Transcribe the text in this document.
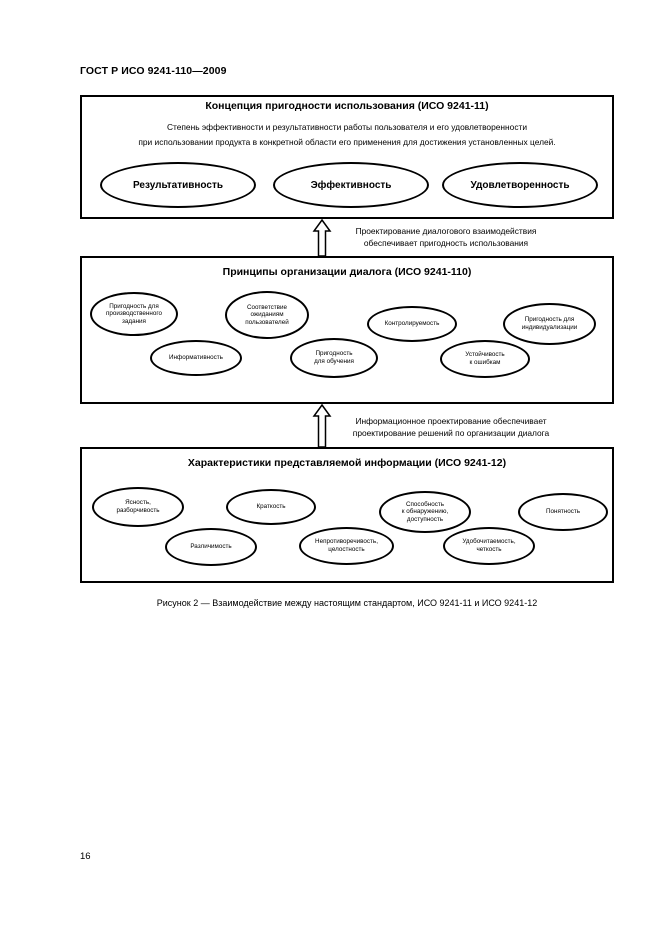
ГОСТ Р ИСО 9241-110—2009
Концепция пригодности использования (ИСО 9241-11)
Степень эффективности и результативности работы пользователя и его удовлетворенности
при использовании продукта в конкретной области его применения для достижения установленных целей.
Результативность	Эффективность	Удовлетворенность
Проектирование диалогового взаимодействия
обеспечивает пригодность использования
Принципы организации диалога (ИСО 9241-110)
Пригодность для
производственного
задания
Соответствие
ожиданиям
пользователей	Контролируемость
Пригодность для
индивидуализации
Информативность
Пригодность
для обучения
Устойчивость
к ошибкам
Информационное проектирование обеспечивает
проектирование решений по организации диалога
Характеристики представляемой информации (ИСО 9241-12)
Ясность,
разборчивость
Краткость	Способность
к обнаружению,
доступность
Понятность
Различимость
Непротиворечивость,
целостность
Удобочитаемость,
четкость
Рисунок 2 — Взаимодействие между настоящим стандартом, ИСО 9241-11 и ИСО 9241-12
16
